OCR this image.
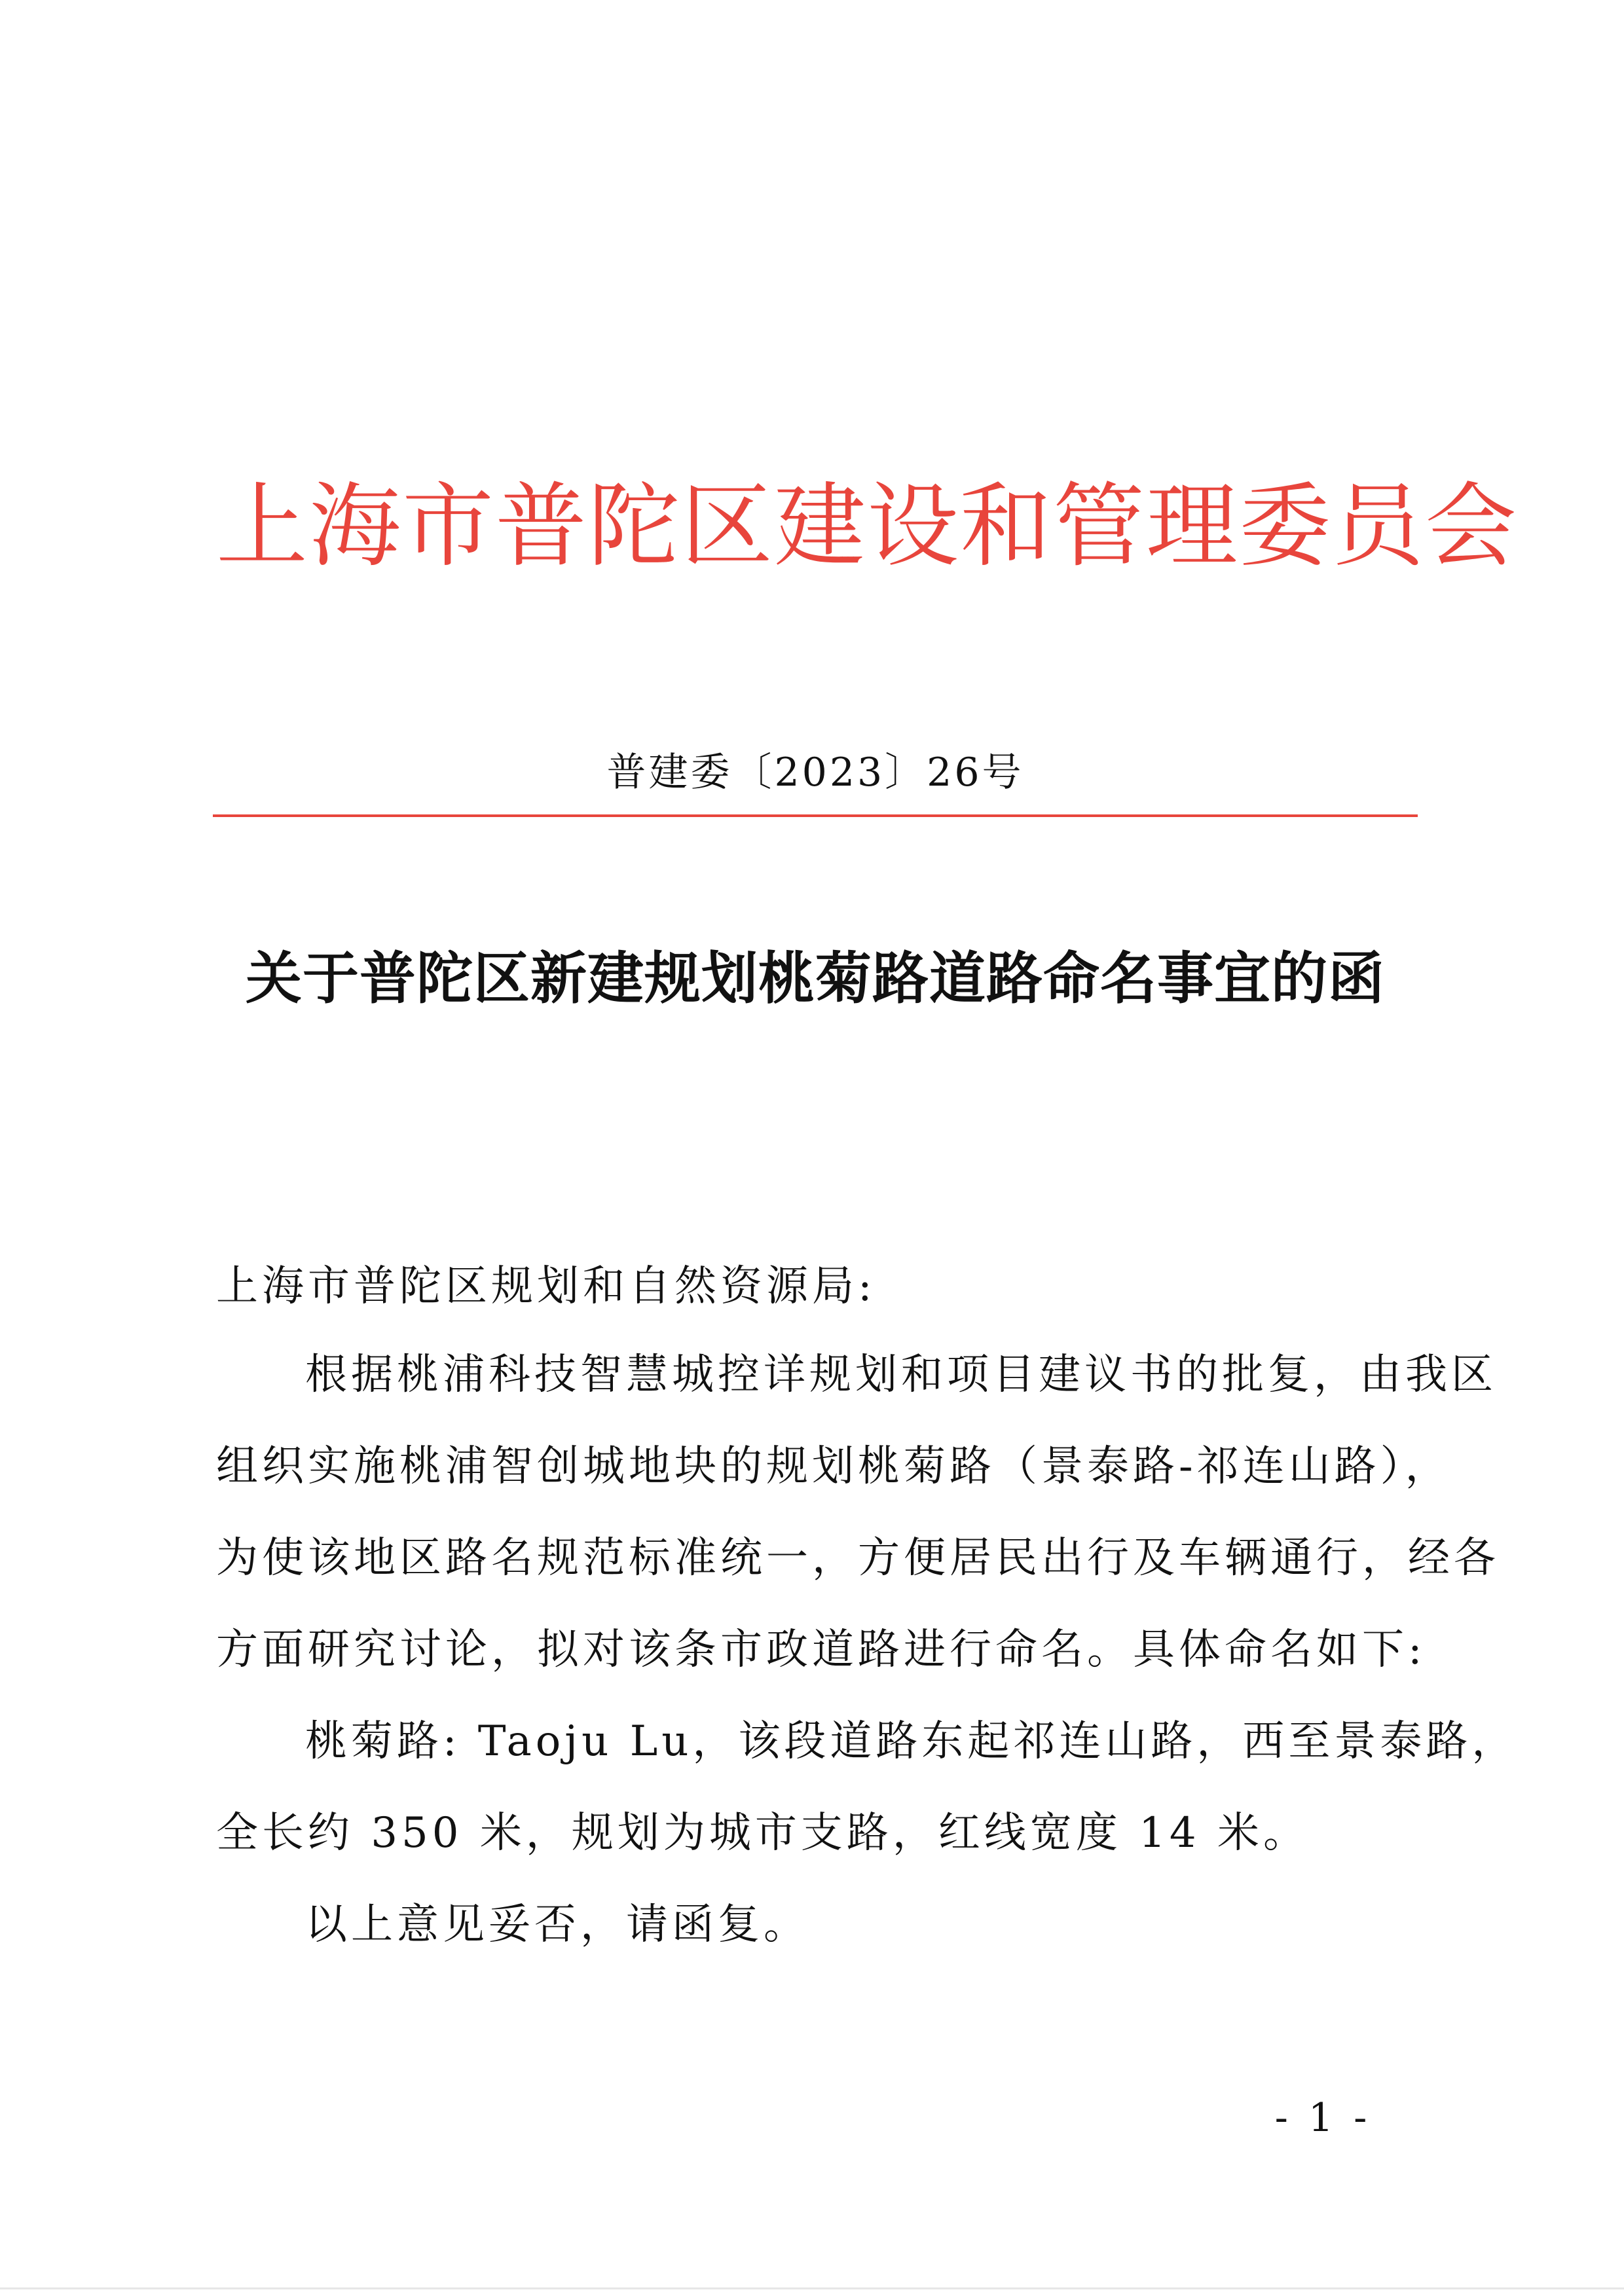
上海市普陀区建设和管理委员会
普建委〔2023〕26号
关于普陀区新建规划桃菊路道路命名事宜的函
上海市普陀区规划和自然资源局:
根据桃浦科技智慧城控详规划和项目建议书的批复，由我区
组织实施桃浦智创城地块的规划桃菊路（景泰路-祁连山路），
为使该地区路名规范标准统一，方便居民出行及车辆通行，经各
方面研究讨论，拟对该条市政道路进行命名。具体命名如下:
桃菊路: Taoju Lu，该段道路东起祁连山路，西至景泰路，
全长约 350 米，规划为城市支路，红线宽度 14 米。
以上意见妥否，请函复。
- 1 -
